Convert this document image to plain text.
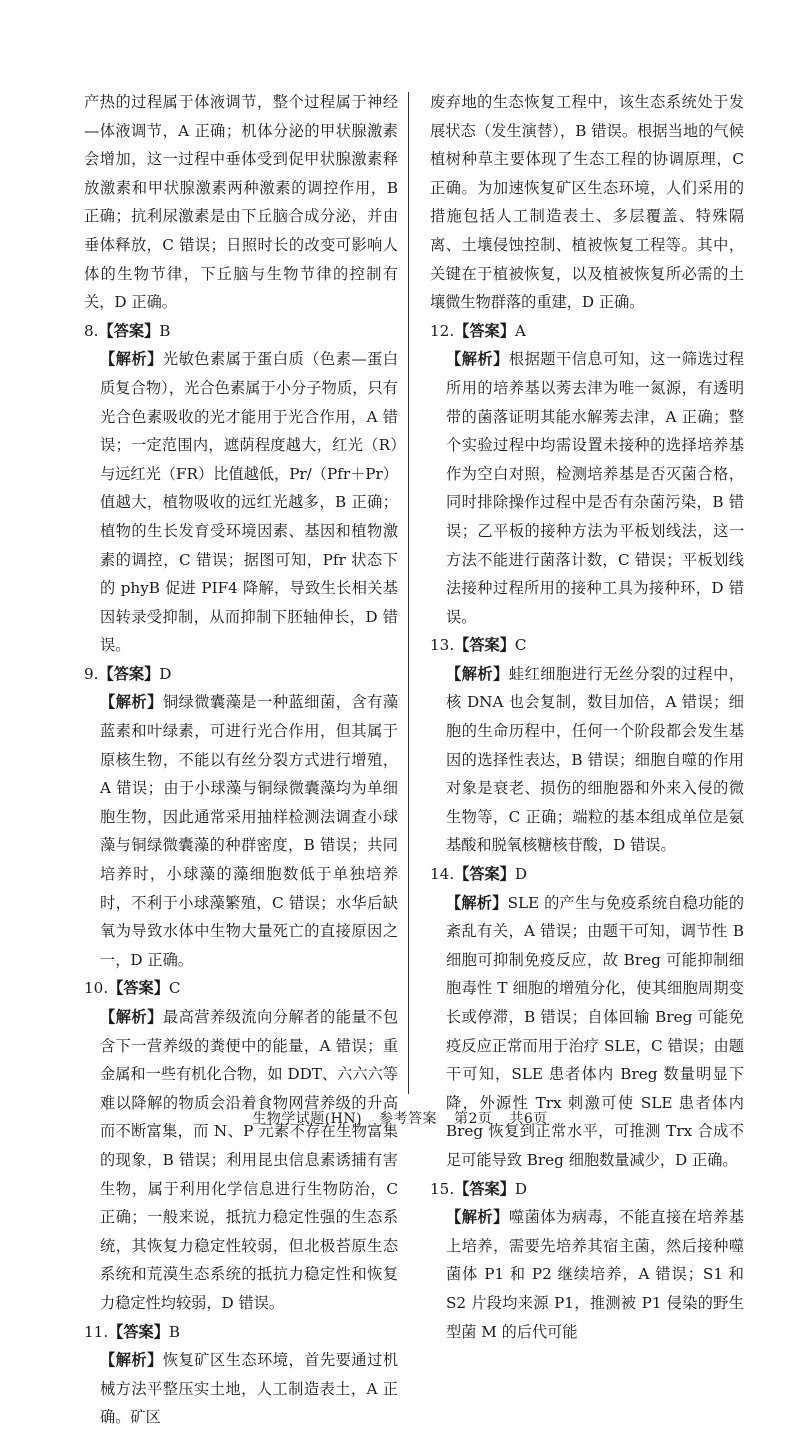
产热的过程属于体液调节，整个过程属于神经—体液调节，A 正确；机体分泌的甲状腺激素会增加，这一过程中垂体受到促甲状腺激素释放激素和甲状腺激素两种激素的调控作用，B 正确；抗利尿激素是由下丘脑合成分泌，并由垂体释放，C 错误；日照时长的改变可影响人体的生物节律，下丘脑与生物节律的控制有关，D 正确。

8.【答案】B

【解析】光敏色素属于蛋白质（色素—蛋白质复合物），光合色素属于小分子物质，只有光合色素吸收的光才能用于光合作用，A 错误；一定范围内，遮荫程度越大，红光（R）与远红光（FR）比值越低，Pr/（Pfr＋Pr）值越大，植物吸收的远红光越多，B 正确；植物的生长发育受环境因素、基因和植物激素的调控，C 错误；据图可知，Pfr 状态下的 phyB 促进 PIF4 降解，导致生长相关基因转录受抑制，从而抑制下胚轴伸长，D 错误。

9.【答案】D

【解析】铜绿微囊藻是一种蓝细菌，含有藻蓝素和叶绿素，可进行光合作用，但其属于原核生物，不能以有丝分裂方式进行增殖，A 错误；由于小球藻与铜绿微囊藻均为单细胞生物，因此通常采用抽样检测法调查小球藻与铜绿微囊藻的种群密度，B 错误；共同培养时，小球藻的藻细胞数低于单独培养时，不利于小球藻繁殖，C 错误；水华后缺氧为导致水体中生物大量死亡的直接原因之一，D 正确。

10.【答案】C

【解析】最高营养级流向分解者的能量不包含下一营养级的粪便中的能量，A 错误；重金属和一些有机化合物，如 DDT、六六六等难以降解的物质会沿着食物网营养级的升高而不断富集，而 N、P 元素不存在生物富集的现象，B 错误；利用昆虫信息素诱捕有害生物，属于利用化学信息进行生物防治，C 正确；一般来说，抵抗力稳定性强的生态系统，其恢复力稳定性较弱，但北极苔原生态系统和荒漠生态系统的抵抗力稳定性和恢复力稳定性均较弱，D 错误。

11.【答案】B

【解析】恢复矿区生态环境，首先要通过机械方法平整压实土地，人工制造表土，A 正确。矿区

废弃地的生态恢复工程中，该生态系统处于发展状态（发生演替），B 错误。根据当地的气候植树种草主要体现了生态工程的协调原理，C 正确。为加速恢复矿区生态环境，人们采用的措施包括人工制造表土、多层覆盖、特殊隔离、土壤侵蚀控制、植被恢复工程等。其中，关键在于植被恢复，以及植被恢复所必需的土壤微生物群落的重建，D 正确。

12.【答案】A

【解析】根据题干信息可知，这一筛选过程所用的培养基以莠去津为唯一氮源，有透明带的菌落证明其能水解莠去津，A 正确；整个实验过程中均需设置未接种的选择培养基作为空白对照，检测培养基是否灭菌合格，同时排除操作过程中是否有杂菌污染，B 错误；乙平板的接种方法为平板划线法，这一方法不能进行菌落计数，C 错误；平板划线法接种过程所用的接种工具为接种环，D 错误。

13.【答案】C

【解析】蛙红细胞进行无丝分裂的过程中，核 DNA 也会复制，数目加倍，A 错误；细胞的生命历程中，任何一个阶段都会发生基因的选择性表达，B 错误；细胞自噬的作用对象是衰老、损伤的细胞器和外来入侵的微生物等，C 正确；端粒的基本组成单位是氨基酸和脱氧核糖核苷酸，D 错误。

14.【答案】D

【解析】SLE 的产生与免疫系统自稳功能的紊乱有关，A 错误；由题干可知，调节性 B 细胞可抑制免疫反应，故 Breg 可能抑制细胞毒性 T 细胞的增殖分化，使其细胞周期变长或停滞，B 错误；自体回输 Breg 可能免疫反应正常而用于治疗 SLE，C 错误；由题干可知，SLE 患者体内 Breg 数量明显下降，外源性 Trx 刺激可使 SLE 患者体内 Breg 恢复到正常水平，可推测 Trx 合成不足可能导致 Breg 细胞数量减少，D 正确。

15.【答案】D

【解析】噬菌体为病毒，不能直接在培养基上培养，需要先培养其宿主菌，然后接种噬菌体 P1 和 P2 继续培养，A 错误；S1 和 S2 片段均来源 P1，推测被 P1 侵染的野生型菌 M 的后代可能

生物学试题(HN) 参考答案 第2页 共6页
